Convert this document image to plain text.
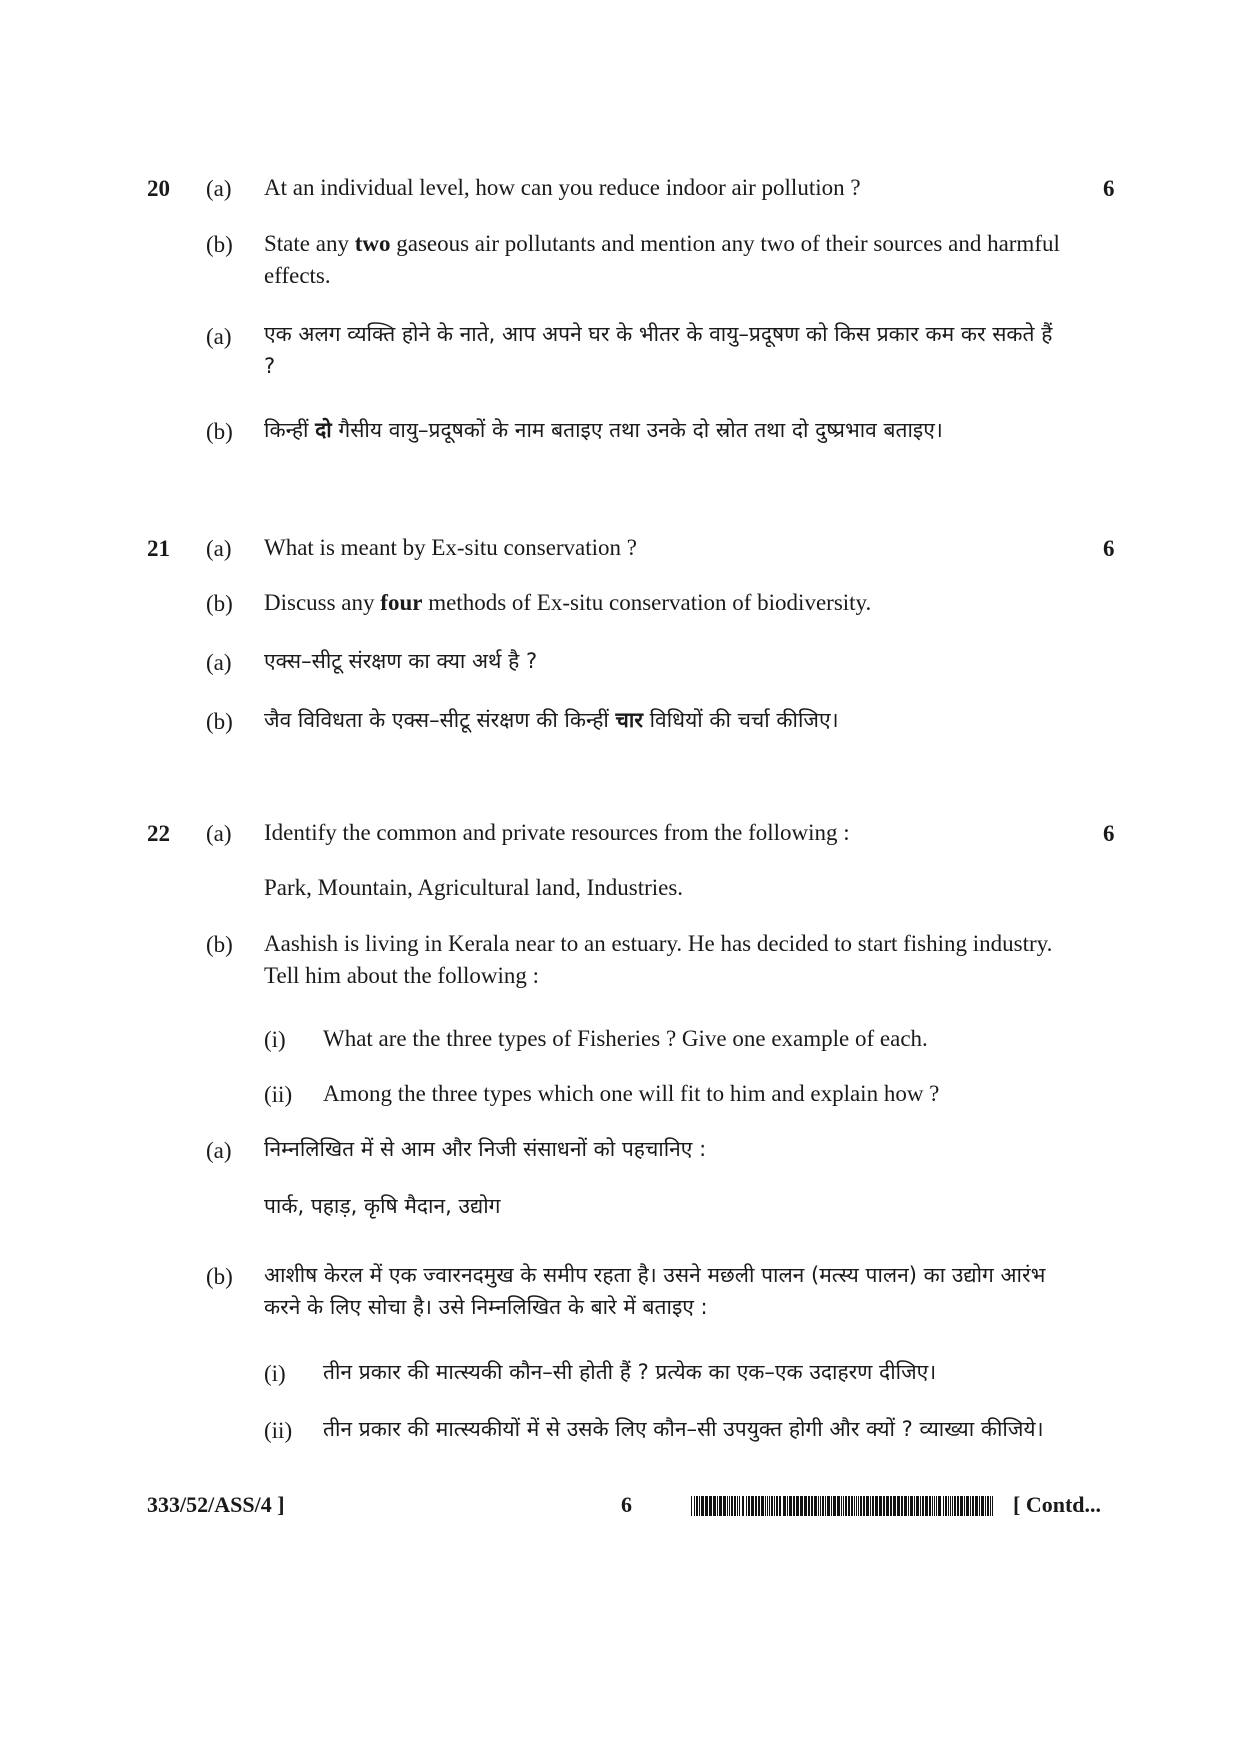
20 (a) At an individual level, how can you reduce indoor air pollution ?	6
(b) State any two gaseous air pollutants and mention any two of their sources and harmful effects.
(a) एक अलग व्यक्ति होने के नाते, आप अपने घर के भीतर के वायु–प्रदूषण को किस प्रकार कम कर सकते हैं ?
(b) किन्हीं दो गैसीय वायु–प्रदूषकों के नाम बताइए तथा उनके दो स्रोत तथा दो दुष्प्रभाव बताइए।
21 (a) What is meant by Ex-situ conservation ?	6
(b) Discuss any four methods of Ex-situ conservation of biodiversity.
(a) एक्स–सीटू संरक्षण का क्या अर्थ है ?
(b) जैव विविधता के एक्स–सीटू संरक्षण की किन्हीं चार विधियों की चर्चा कीजिए।
22 (a) Identify the common and private resources from the following :	6
Park, Mountain, Agricultural land, Industries.
(b) Aashish is living in Kerala near to an estuary. He has decided to start fishing industry. Tell him about the following :
(i) What are the three types of Fisheries ? Give one example of each.
(ii) Among the three types which one will fit to him and explain how ?
(a) निम्नलिखित में से आम और निजी संसाधनों को पहचानिए :
पार्क, पहाड़, कृषि मैदान, उद्योग
(b) आशीष केरल में एक ज्वारनदमुख के समीप रहता है। उसने मछली पालन (मत्स्य पालन) का उद्योग आरंभ करने के लिए सोचा है। उसे निम्नलिखित के बारे में बताइए :
(i) तीन प्रकार की मात्स्यकी कौन–सी होती हैं ? प्रत्येक का एक–एक उदाहरण दीजिए।
(ii) तीन प्रकार की मात्स्यकीयों में से उसके लिए कौन–सी उपयुक्त होगी और क्यों ? व्याख्या कीजिये।
333/52/ASS/4 ]	6	[ Contd...
